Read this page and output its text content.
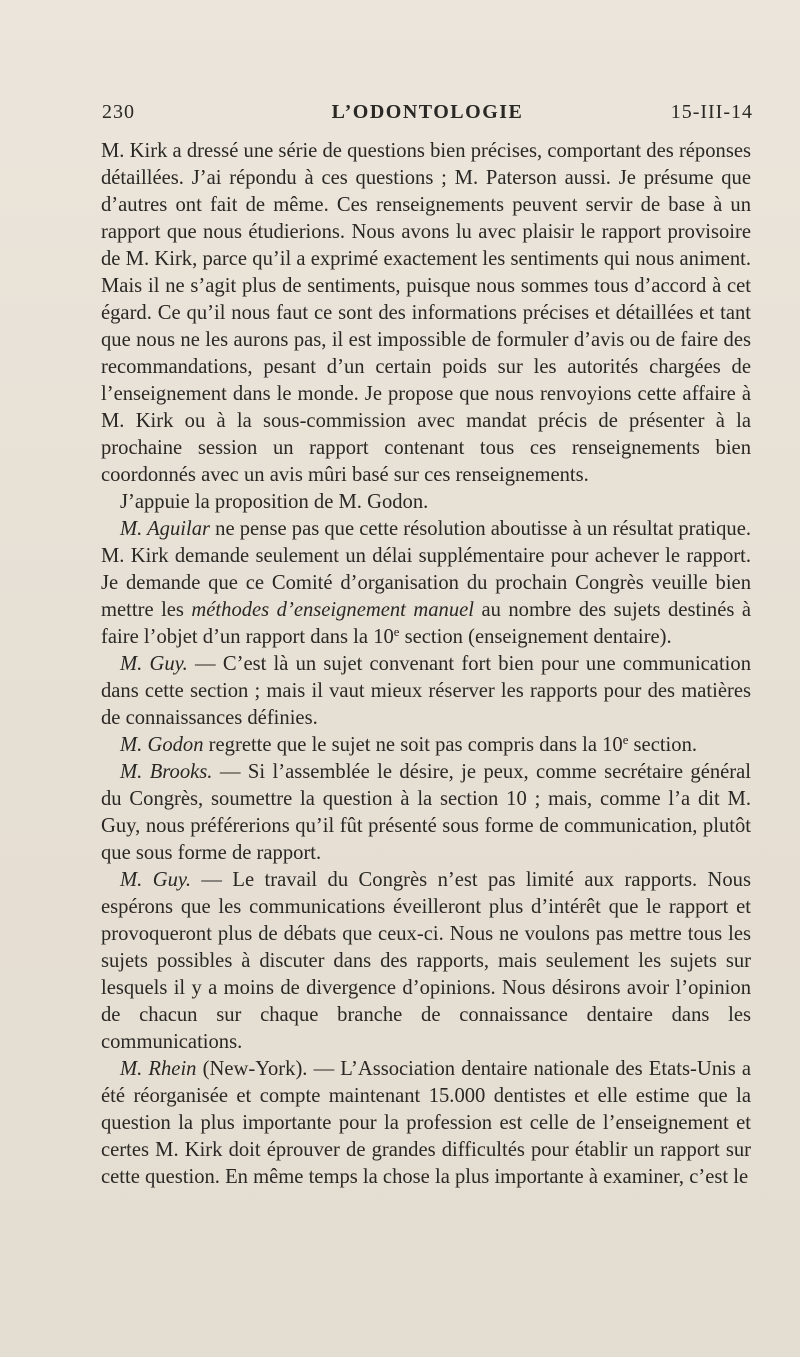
230	L’ODONTOLOGIE	15-III-14

M. Kirk a dressé une série de questions bien précises, comportant des réponses détaillées. J’ai répondu à ces questions ; M. Paterson aussi. Je présume que d’autres ont fait de même. Ces renseignements peuvent servir de base à un rapport que nous étudierions. Nous avons lu avec plaisir le rapport provisoire de M. Kirk, parce qu’il a exprimé exactement les sentiments qui nous animent. Mais il ne s’agit plus de sentiments, puisque nous sommes tous d’accord à cet égard. Ce qu’il nous faut ce sont des informations précises et détaillées et tant que nous ne les aurons pas, il est impossible de formuler d’avis ou de faire des recommandations, pesant d’un certain poids sur les autorités chargées de l’enseignement dans le monde. Je propose que nous renvoyions cette affaire à M. Kirk ou à la sous-commission avec mandat précis de présenter à la prochaine session un rapport contenant tous ces renseignements bien coordonnés avec un avis mûri basé sur ces renseignements.

J’appuie la proposition de M. Godon.

M. Aguilar ne pense pas que cette résolution aboutisse à un résultat pratique. M. Kirk demande seulement un délai supplémentaire pour achever le rapport. Je demande que ce Comité d’organisation du prochain Congrès veuille bien mettre les méthodes d’enseignement manuel au nombre des sujets destinés à faire l’objet d’un rapport dans la 10e section (enseignement dentaire).

M. Guy. — C’est là un sujet convenant fort bien pour une communication dans cette section ; mais il vaut mieux réserver les rapports pour des matières de connaissances définies.

M. Godon regrette que le sujet ne soit pas compris dans la 10e section.

M. Brooks. — Si l’assemblée le désire, je peux, comme secrétaire général du Congrès, soumettre la question à la section 10 ; mais, comme l’a dit M. Guy, nous préférerions qu’il fût présenté sous forme de communication, plutôt que sous forme de rapport.

M. Guy. — Le travail du Congrès n’est pas limité aux rapports. Nous espérons que les communications éveilleront plus d’intérêt que le rapport et provoqueront plus de débats que ceux-ci. Nous ne voulons pas mettre tous les sujets possibles à discuter dans des rapports, mais seulement les sujets sur lesquels il y a moins de divergence d’opinions. Nous désirons avoir l’opinion de chacun sur chaque branche de connaissance dentaire dans les communications.

M. Rhein (New-York). — L’Association dentaire nationale des Etats-Unis a été réorganisée et compte maintenant 15.000 dentistes et elle estime que la question la plus importante pour la profession est celle de l’enseignement et certes M. Kirk doit éprouver de grandes difficultés pour établir un rapport sur cette question. En même temps la chose la plus importante à examiner, c’est le
